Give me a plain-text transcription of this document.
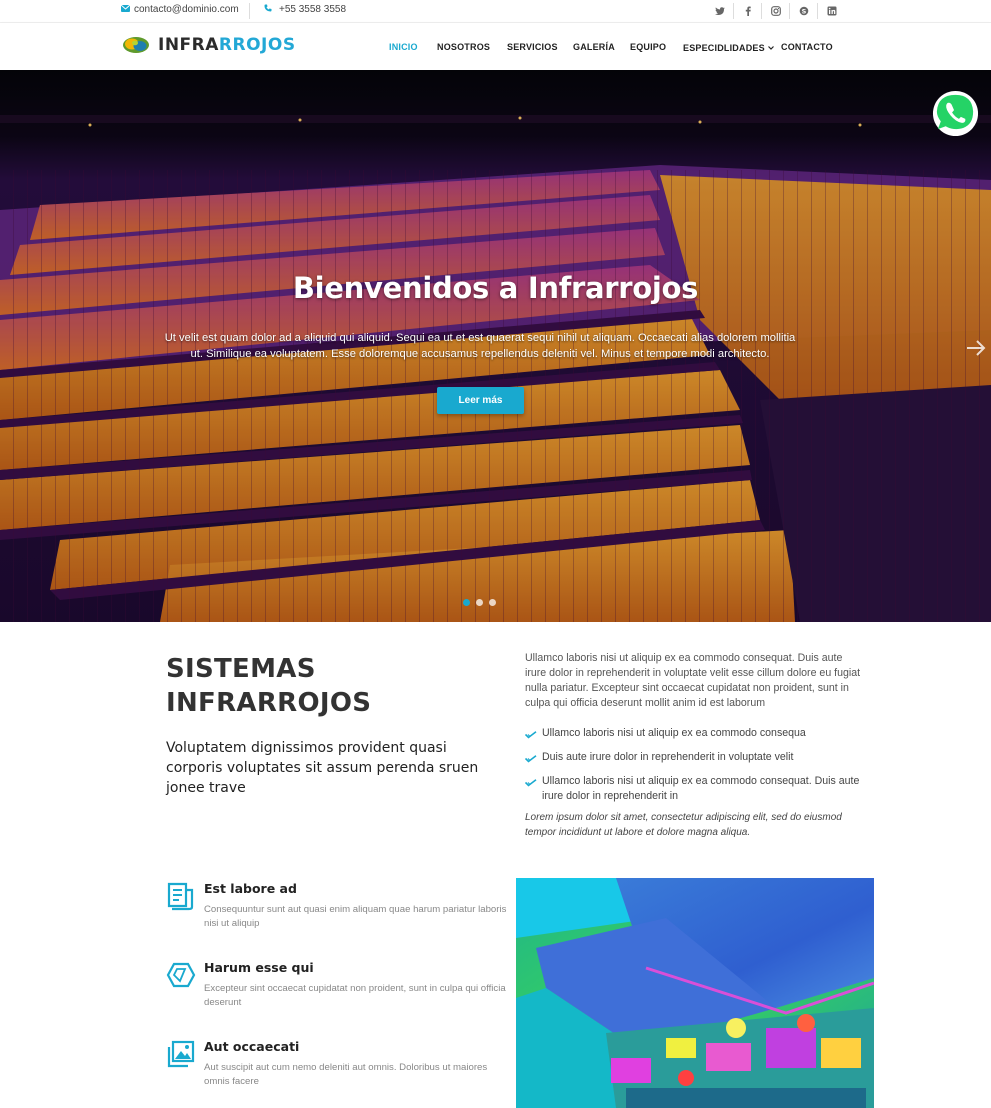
contacto@dominio.com	+55 3558 3558	S
INFRARROJOS	INICIO NOSOTROS SERVICIOS GALERÍA EQUIPO ESPECIDLIDADES	CONTACTO
Bienvenidos a Infrarrojos

Ut velit est quam dolor ad a aliquid qui aliquid. Sequi ea ut et est quaerat sequi nihil ut aliquam. Occaecati alias dolorem mollitia ut. Similique ea voluptatem. Esse doloremque accusamus repellendus deleniti vel. Minus et tempore modi architecto.

Leer más
SISTEMAS
INFRARROJOS

Voluptatem dignissimos provident quasi corporis voluptates sit assum perenda sruen jonee trave

Ullamco laboris nisi ut aliquip ex ea commodo consequat. Duis aute irure dolor in reprehenderit in voluptate velit esse cillum dolore eu fugiat nulla pariatur. Excepteur sint occaecat cupidatat non proident, sunt in culpa qui officia deserunt mollit anim id est laborum

Ullamco laboris nisi ut aliquip ex ea commodo consequa
Duis aute irure dolor in reprehenderit in voluptate velit
Ullamco laboris nisi ut aliquip ex ea commodo consequat. Duis aute irure dolor in reprehenderit in

Lorem ipsum dolor sit amet, consectetur adipiscing elit, sed do eiusmod tempor incididunt ut labore et dolore magna aliqua.

Est labore ad
Consequuntur sunt aut quasi enim aliquam quae harum pariatur laboris nisi ut aliquip
Harum esse qui
Excepteur sint occaecat cupidatat non proident, sunt in culpa qui officia deserunt
Aut occaecati
Aut suscipit aut cum nemo deleniti aut omnis. Doloribus ut maiores omnis facere
